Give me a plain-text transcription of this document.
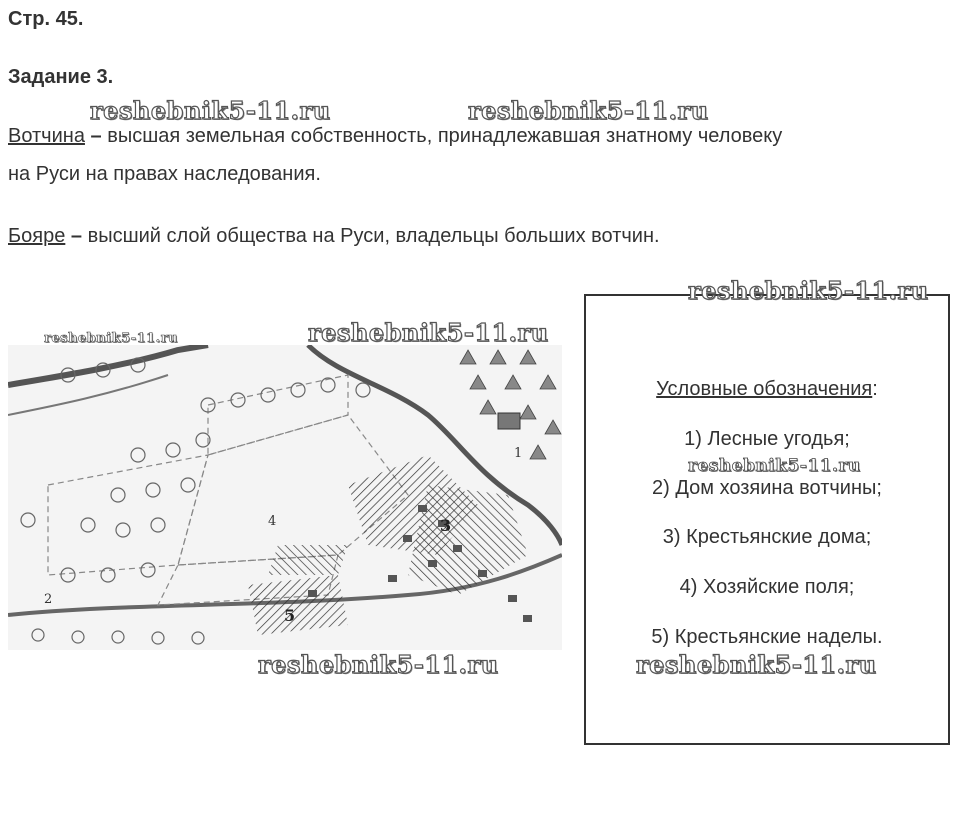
Стр. 45.
Задание 3.
Вотчина – высшая земельная собственность, принадлежавшая знатному человеку
на Руси на правах наследования.
Бояре – высший слой общества на Руси, владельцы больших вотчин.
1
2
3
4
5
Условные обозначения:
1) Лесные угодья;
2) Дом хозяина вотчины;
3) Крестьянские дома;
4) Хозяйские поля;
5) Крестьянские наделы.
reshebnik5-11.ru	reshebnik5-11.ru
reshebnik5-11.ru
reshebnik5-11.ru
reshebnik5-11.ru
reshebnik5-11.ru
reshebnik5-11.ru	reshebnik5-11.ru
